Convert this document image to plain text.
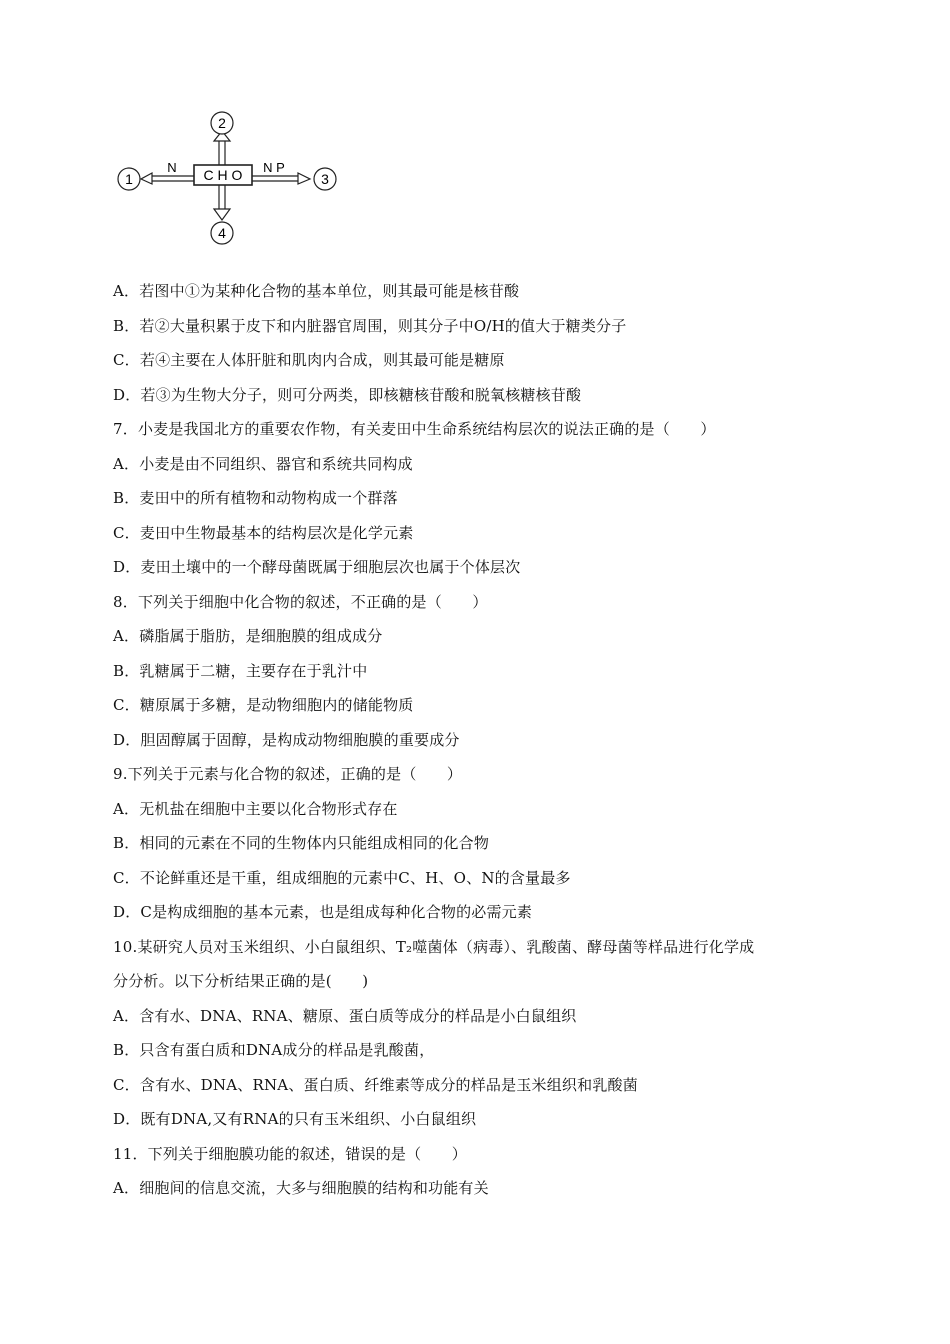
C H O
2
4
N
1
N P
3
A．若图中①为某种化合物的基本单位，则其最可能是核苷酸
B．若②大量积累于皮下和内脏器官周围，则其分子中O/H的值大于糖类分子
C．若④主要在人体肝脏和肌肉内合成，则其最可能是糖原
D．若③为生物大分子，则可分两类，即核糖核苷酸和脱氧核糖核苷酸
7．小麦是我国北方的重要农作物，有关麦田中生命系统结构层次的说法正确的是（　　）
A．小麦是由不同组织、器官和系统共同构成
B．麦田中的所有植物和动物构成一个群落
C．麦田中生物最基本的结构层次是化学元素
D．麦田土壤中的一个酵母菌既属于细胞层次也属于个体层次
8．下列关于细胞中化合物的叙述，不正确的是（　　）
A．磷脂属于脂肪，是细胞膜的组成成分
B．乳糖属于二糖，主要存在于乳汁中
C．糖原属于多糖，是动物细胞内的储能物质
D．胆固醇属于固醇，是构成动物细胞膜的重要成分
9.下列关于元素与化合物的叙述，正确的是（　　）
A．无机盐在细胞中主要以化合物形式存在
B．相同的元素在不同的生物体内只能组成相同的化合物
C．不论鲜重还是干重，组成细胞的元素中C、H、O、N的含量最多
D．C是构成细胞的基本元素，也是组成每种化合物的必需元素
10.某研究人员对玉米组织、小白鼠组织、T₂噬菌体（病毒）、乳酸菌、酵母菌等样品进行化学成
分分析。以下分析结果正确的是(　　)
A．含有水、DNA、RNA、糖原、蛋白质等成分的样品是小白鼠组织
B．只含有蛋白质和DNA成分的样品是乳酸菌，
C．含有水、DNA、RNA、蛋白质、纤维素等成分的样品是玉米组织和乳酸菌
D．既有DNA,又有RNA的只有玉米组织、小白鼠组织
11．下列关于细胞膜功能的叙述，错误的是（　　）
A．细胞间的信息交流，大多与细胞膜的结构和功能有关
